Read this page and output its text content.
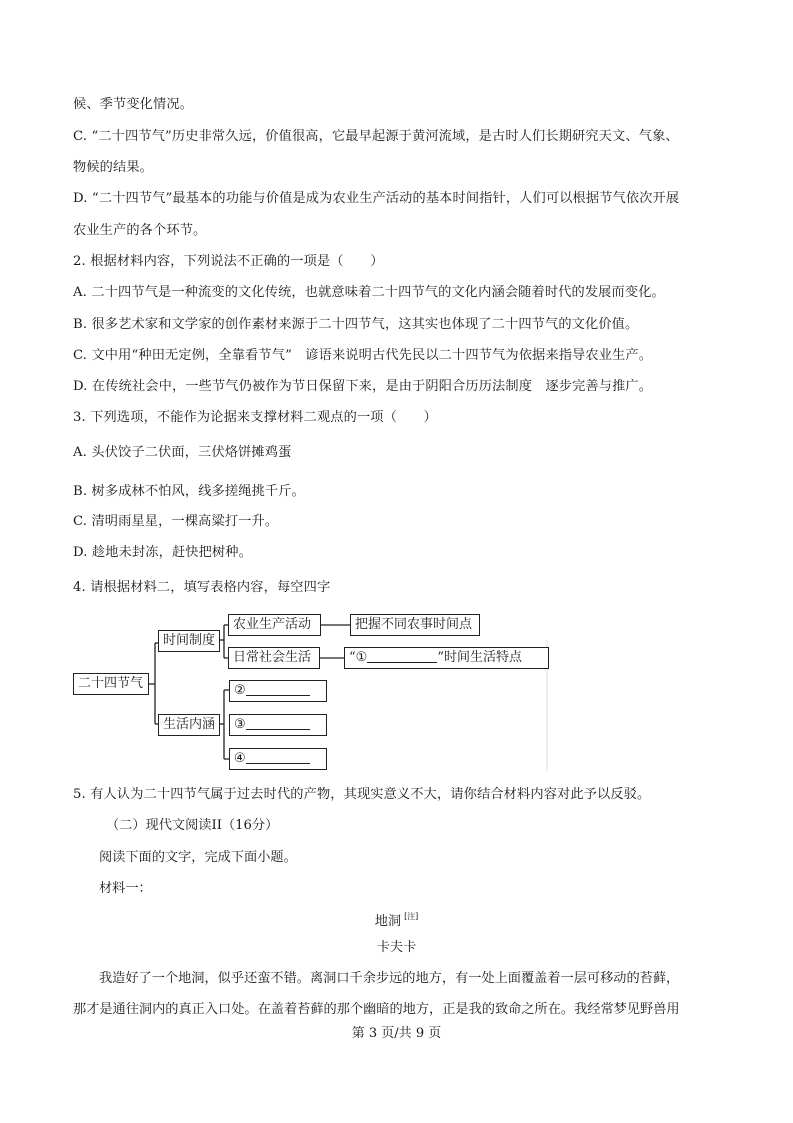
候、季节变化情况。
C. “二十四节气”历史非常久远，价值很高，它最早起源于黄河流域，是古时人们长期研究天文、气象、
物候的结果。
D. “二十四节气”最基本的功能与价值是成为农业生产活动的基本时间指针，人们可以根据节气依次开展
农业生产的各个环节。
2. 根据材料内容，下列说法不正确的一项是（　　）
A. 二十四节气是一种流变的文化传统，也就意味着二十四节气的文化内涵会随着时代的发展而变化。
B. 很多艺术家和文学家的创作素材来源于二十四节气，这其实也体现了二十四节气的文化价值。
C. 文中用“种田无定例，全靠看节气”　谚语来说明古代先民以二十四节气为依据来指导农业生产。
D. 在传统社会中，一些节气仍被作为节日保留下来，是由于阴阳合历历法制度　逐步完善与推广。
3. 下列选项，不能作为论据来支撑材料二观点的一项（　　）
A. 头伏饺子二伏面，三伏烙饼摊鸡蛋
B. 树多成林不怕风，线多搓绳挑千斤。
C. 清明雨星星，一棵高粱打一升。
D. 趁地未封冻，赶快把树种。
4. 请根据材料二，填写表格内容，每空四字
二十四节气
时间制度
生活内涵
农业生产活动
日常社会生活
把握不同农事时间点
“①	”时间生活特点
②
③
④
5. 有人认为二十四节气属于过去时代的产物，其现实意义不大，请你结合材料内容对此予以反驳。
（二）现代文阅读II（16分）
阅读下面的文字，完成下面小题。
材料一：
地洞 [注]
卡夫卡
我造好了一个地洞，似乎还蛮不错。离洞口千余步远的地方，有一处上面覆盖着一层可移动的苔藓，
那才是通往洞内的真正入口处。在盖着苔藓的那个幽暗的地方，正是我的致命之所在。我经常梦见野兽用
第 3 页/共 9 页
